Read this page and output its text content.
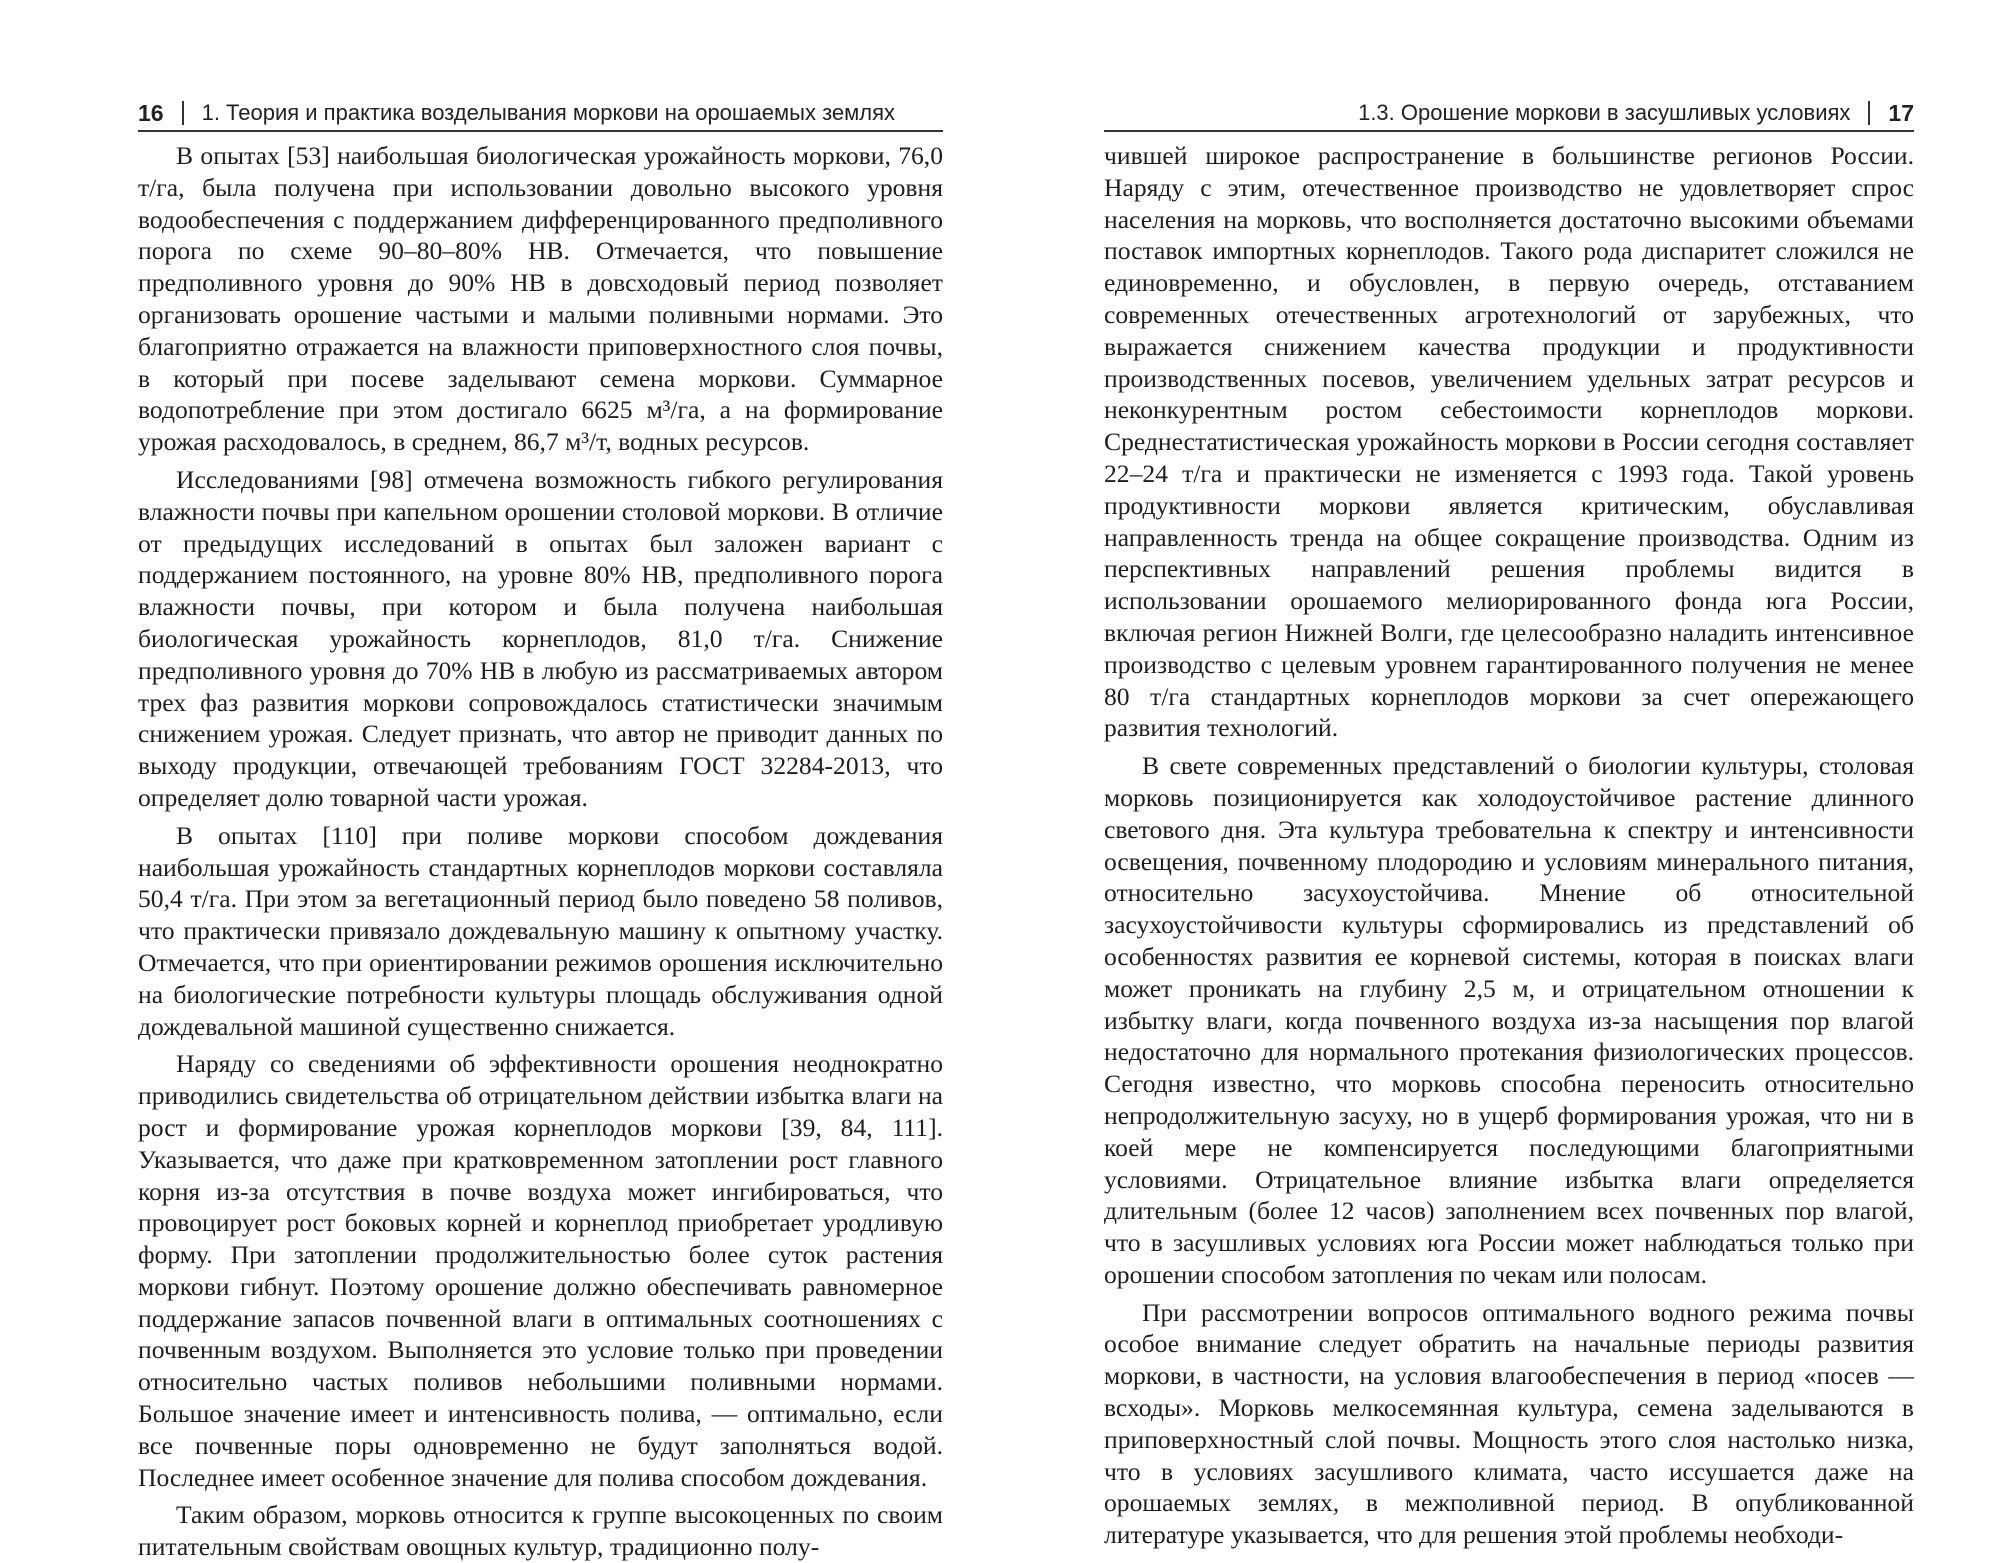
16 1. Теория и практика возделывания моркови на орошаемых землях

В опытах [53] наибольшая биологическая урожайность моркови, 76,0 т/га, была получена при использовании довольно высокого уровня водообеспечения с поддержанием дифференцированного предполивного порога по схеме 90–80–80% НВ. Отмечается, что повышение предполивного уровня до 90% НВ в довсходовый период позволяет организовать орошение частыми и малыми поливными нормами. Это благоприятно отражается на влажности приповерхностного слоя почвы, в который при посеве заделывают семена моркови. Суммарное водопотребление при этом достигало 6625 м³/га, а на формирование урожая расходовалось, в среднем, 86,7 м³/т, водных ресурсов.

Исследованиями [98] отмечена возможность гибкого регулирования влажности почвы при капельном орошении столовой моркови. В отличие от предыдущих исследований в опытах был заложен вариант с поддержанием постоянного, на уровне 80% НВ, предполивного порога влажности почвы, при котором и была получена наибольшая биологическая урожайность корнеплодов, 81,0 т/га. Снижение предполивного уровня до 70% НВ в любую из рассматриваемых автором трех фаз развития моркови сопровождалось статистически значимым снижением урожая. Следует признать, что автор не приводит данных по выходу продукции, отвечающей требованиям ГОСТ 32284-2013, что определяет долю товарной части урожая.

В опытах [110] при поливе моркови способом дождевания наибольшая урожайность стандартных корнеплодов моркови составляла 50,4 т/га. При этом за вегетационный период было поведено 58 поливов, что практически привязало дождевальную машину к опытному участку. Отмечается, что при ориентировании режимов орошения исключительно на биологические потребности культуры площадь обслуживания одной дождевальной машиной существенно снижается.

Наряду со сведениями об эффективности орошения неоднократно приводились свидетельства об отрицательном действии избытка влаги на рост и формирование урожая корнеплодов моркови [39, 84, 111]. Указывается, что даже при кратковременном затоплении рост главного корня из-за отсутствия в почве воздуха может ингибироваться, что провоцирует рост боковых корней и корнеплод приобретает уродливую форму. При затоплении продолжительностью более суток растения моркови гибнут. Поэтому орошение должно обеспечивать равномерное поддержание запасов почвенной влаги в оптимальных соотношениях с почвенным воздухом. Выполняется это условие только при проведении относительно частых поливов небольшими поливными нормами. Большое значение имеет и интенсивность полива, — оптимально, если все почвенные поры одновременно не будут заполняться водой. Последнее имеет особенное значение для полива способом дождевания.

Таким образом, морковь относится к группе высокоценных по своим питательным свойствам овощных культур, традиционно полу-

1.3. Орошение моркови в засушливых условиях 17

чившей широкое распространение в большинстве регионов России. Наряду с этим, отечественное производство не удовлетворяет спрос населения на морковь, что восполняется достаточно высокими объемами поставок импортных корнеплодов. Такого рода диспаритет сложился не единовременно, и обусловлен, в первую очередь, отставанием современных отечественных агротехнологий от зарубежных, что выражается снижением качества продукции и продуктивности производственных посевов, увеличением удельных затрат ресурсов и неконкурентным ростом себестоимости корнеплодов моркови. Среднестатистическая урожайность моркови в России сегодня составляет 22–24 т/га и практически не изменяется с 1993 года. Такой уровень продуктивности моркови является критическим, обуславливая направленность тренда на общее сокращение производства. Одним из перспективных направлений решения проблемы видится в использовании орошаемого мелиорированного фонда юга России, включая регион Нижней Волги, где целесообразно наладить интенсивное производство с целевым уровнем гарантированного получения не менее 80 т/га стандартных корнеплодов моркови за счет опережающего развития технологий.

В свете современных представлений о биологии культуры, столовая морковь позиционируется как холодоустойчивое растение длинного светового дня. Эта культура требовательна к спектру и интенсивности освещения, почвенному плодородию и условиям минерального питания, относительно засухоустойчива. Мнение об относительной засухоустойчивости культуры сформировались из представлений об особенностях развития ее корневой системы, которая в поисках влаги может проникать на глубину 2,5 м, и отрицательном отношении к избытку влаги, когда почвенного воздуха из-за насыщения пор влагой недостаточно для нормального протекания физиологических процессов. Сегодня известно, что морковь способна переносить относительно непродолжительную засуху, но в ущерб формирования урожая, что ни в коей мере не компенсируется последующими благоприятными условиями. Отрицательное влияние избытка влаги определяется длительным (более 12 часов) заполнением всех почвенных пор влагой, что в засушливых условиях юга России может наблюдаться только при орошении способом затопления по чекам или полосам.

При рассмотрении вопросов оптимального водного режима почвы особое внимание следует обратить на начальные периоды развития моркови, в частности, на условия влагообеспечения в период «посев — всходы». Морковь мелкосемянная культура, семена заделываются в приповерхностный слой почвы. Мощность этого слоя настолько низка, что в условиях засушливого климата, часто иссушается даже на орошаемых землях, в межполивной период. В опубликованной литературе указывается, что для решения этой проблемы необходи-
